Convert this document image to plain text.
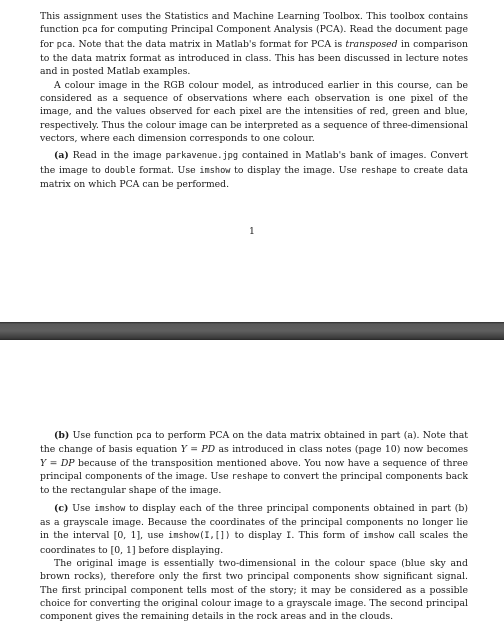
This assignment uses the Statistics and Machine Learning Toolbox. This toolbox contains function pca for computing Principal Component Analysis (PCA). Read the document page for pca. Note that the data matrix in Matlab's format for PCA is transposed in comparison to the data matrix format as introduced in class. This has been discussed in lecture notes and in posted Matlab examples.

A colour image in the RGB colour model, as introduced earlier in this course, can be considered as a sequence of observations where each observation is one pixel of the image, and the values observed for each pixel are the intensities of red, green and blue, respectively. Thus the colour image can be interpreted as a sequence of three-dimensional vectors, where each dimension corresponds to one colour.

(a) Read in the image parkavenue.jpg contained in Matlab's bank of images. Convert the image to double format. Use imshow to display the image. Use reshape to create data matrix on which PCA can be performed.

1

(b) Use function pca to perform PCA on the data matrix obtained in part (a). Note that the change of basis equation Y = PD as introduced in class notes (page 10) now becomes Y = DP because of the transposition mentioned above. You now have a sequence of three principal components of the image. Use reshape to convert the principal components back to the rectangular shape of the image.

(c) Use imshow to display each of the three principal components obtained in part (b) as a grayscale image. Because the coordinates of the principal components no longer lie in the interval [0, 1], use imshow(I,[]) to display I. This form of imshow call scales the coordinates to [0, 1] before displaying.

The original image is essentially two-dimensional in the colour space (blue sky and brown rocks), therefore only the first two principal components show significant signal. The first principal component tells most of the story; it may be considered as a possible choice for converting the original colour image to a grayscale image. The second principal component gives the remaining details in the rock areas and in the clouds.
